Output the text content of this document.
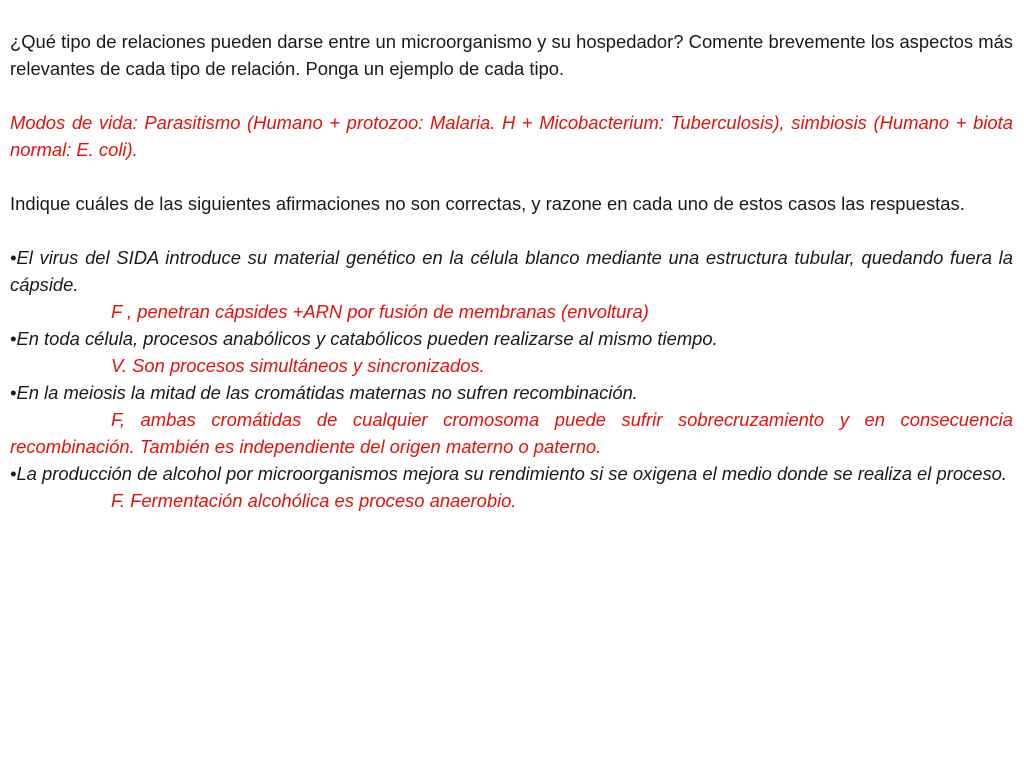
¿Qué tipo de relaciones pueden darse entre un microorganismo y su hospedador? Comente brevemente los aspectos más relevantes de cada tipo de relación. Ponga un ejemplo de cada tipo.

Modos de vida: Parasitismo (Humano + protozoo: Malaria. H + Micobacterium: Tuberculosis), simbiosis (Humano + biota normal: E. coli).

Indique cuáles de las siguientes afirmaciones no son correctas, y razone en cada uno de estos casos las respuestas.

•El virus del SIDA introduce su material genético en la célula blanco mediante una estructura tubular, quedando fuera la cápside.

F , penetran cápsides +ARN por fusión de membranas (envoltura)

•En toda célula, procesos anabólicos y catabólicos pueden realizarse al mismo tiempo.

V. Son procesos simultáneos y sincronizados.

•En la meiosis la mitad de las cromátidas maternas no sufren recombinación.

F, ambas cromátidas de cualquier cromosoma puede sufrir sobrecruzamiento y en consecuencia recombinación. También es independiente del origen materno o paterno.

•La producción de alcohol por microorganismos mejora su rendimiento si se oxigena el medio donde se realiza el proceso.

F. Fermentación alcohólica es proceso anaerobio.
